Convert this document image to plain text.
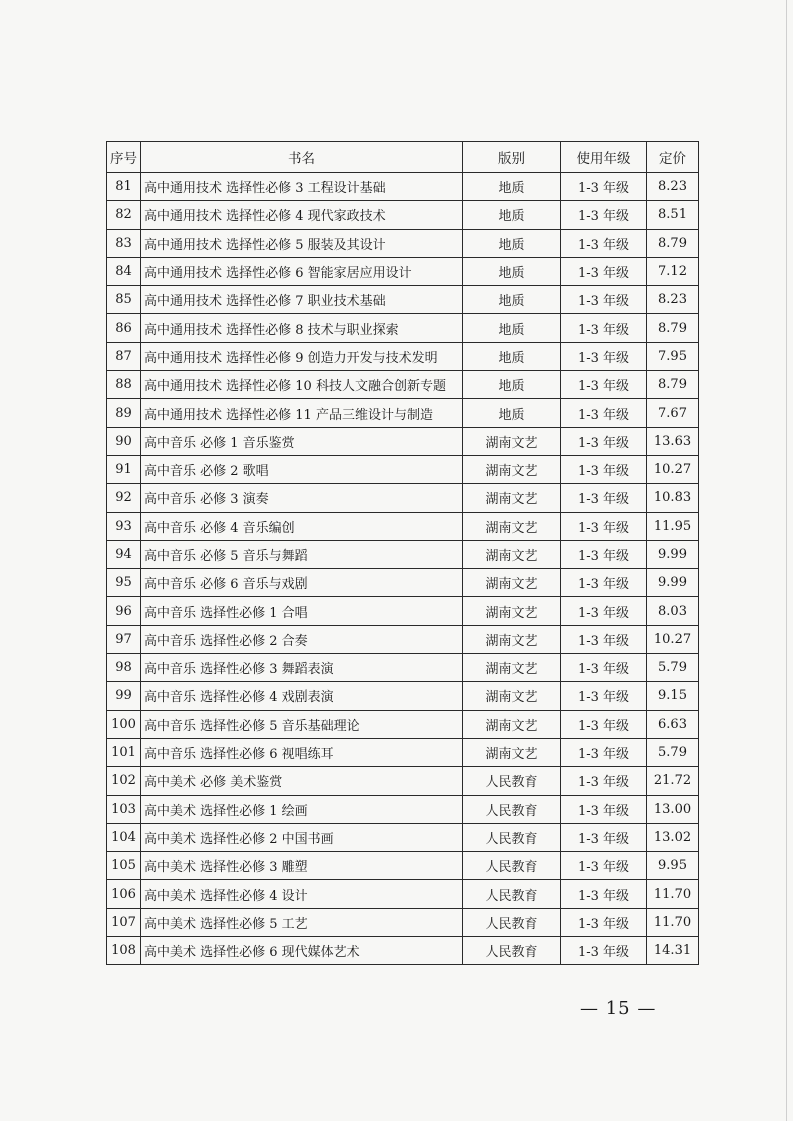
序号	书名	版别	使用年级	定价
81	高中通用技术 选择性必修 3 工程设计基础	地质	1-3 年级	8.23
82	高中通用技术 选择性必修 4 现代家政技术	地质	1-3 年级	8.51
83	高中通用技术 选择性必修 5 服装及其设计	地质	1-3 年级	8.79
84	高中通用技术 选择性必修 6 智能家居应用设计	地质	1-3 年级	7.12
85	高中通用技术 选择性必修 7 职业技术基础	地质	1-3 年级	8.23
86	高中通用技术 选择性必修 8 技术与职业探索	地质	1-3 年级	8.79
87	高中通用技术 选择性必修 9 创造力开发与技术发明	地质	1-3 年级	7.95
88	高中通用技术 选择性必修 10 科技人文融合创新专题	地质	1-3 年级	8.79
89	高中通用技术 选择性必修 11 产品三维设计与制造	地质	1-3 年级	7.67
90	高中音乐 必修 1 音乐鉴赏	湖南文艺	1-3 年级	13.63
91	高中音乐 必修 2 歌唱	湖南文艺	1-3 年级	10.27
92	高中音乐 必修 3 演奏	湖南文艺	1-3 年级	10.83
93	高中音乐 必修 4 音乐编创	湖南文艺	1-3 年级	11.95
94	高中音乐 必修 5 音乐与舞蹈	湖南文艺	1-3 年级	9.99
95	高中音乐 必修 6 音乐与戏剧	湖南文艺	1-3 年级	9.99
96	高中音乐 选择性必修 1 合唱	湖南文艺	1-3 年级	8.03
97	高中音乐 选择性必修 2 合奏	湖南文艺	1-3 年级	10.27
98	高中音乐 选择性必修 3 舞蹈表演	湖南文艺	1-3 年级	5.79
99	高中音乐 选择性必修 4 戏剧表演	湖南文艺	1-3 年级	9.15
100	高中音乐 选择性必修 5 音乐基础理论	湖南文艺	1-3 年级	6.63
101	高中音乐 选择性必修 6 视唱练耳	湖南文艺	1-3 年级	5.79
102	高中美术 必修 美术鉴赏	人民教育	1-3 年级	21.72
103	高中美术 选择性必修 1 绘画	人民教育	1-3 年级	13.00
104	高中美术 选择性必修 2 中国书画	人民教育	1-3 年级	13.02
105	高中美术 选择性必修 3 雕塑	人民教育	1-3 年级	9.95
106	高中美术 选择性必修 4 设计	人民教育	1-3 年级	11.70
107	高中美术 选择性必修 5 工艺	人民教育	1-3 年级	11.70
108	高中美术 选择性必修 6 现代媒体艺术	人民教育	1-3 年级	14.31
— 15 —
